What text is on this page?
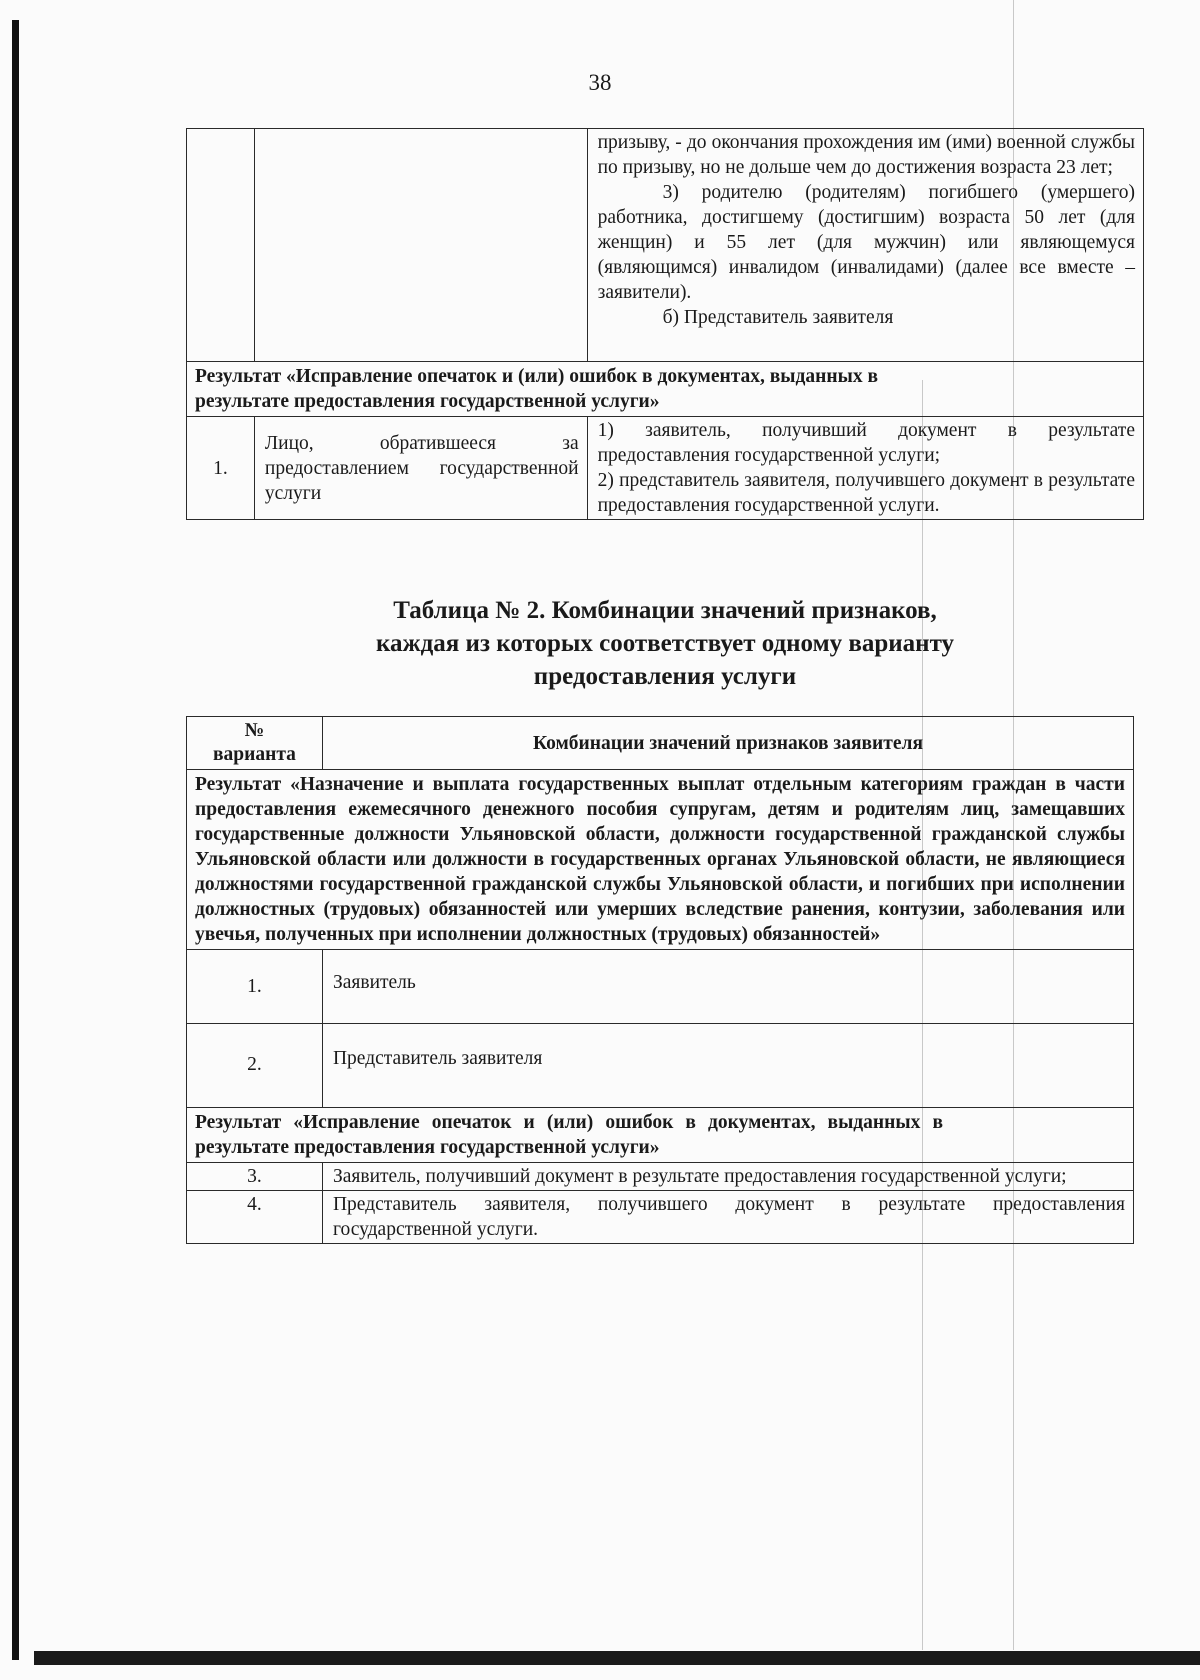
38

		призыву, - до окончания прохождения им (ими) военной службы по призыву, но не дольше чем до достижения возраста 23 лет;
3) родителю (родителям) погибшего (умершего) работника, достигшему (достигшим) возраста 50 лет (для женщин) и 55 лет (для мужчин) или являющемуся (являющимся) инвалидом (инвалидами) (далее все вместе – заявители).
б) Представитель заявителя

Результат «Исправление опечаток и (или) ошибок в документах, выданных в результате предоставления государственной услуги»		
1.	Лицо, обратившееся за предоставлением государственной услуги	1) заявитель, получивший документ в результате предоставления государственной услуги;
2) представитель заявителя, получившего документ в результате предоставления государственной услуги.
Таблица № 2. Комбинации значений признаков,
каждая из которых соответствует одному варианту
предоставления услуги
№ варианта	Комбинации значений признаков заявителя
Результат «Назначение и выплата государственных выплат отдельным категориям граждан в части предоставления ежемесячного денежного пособия супругам, детям и родителям лиц, замещавших государственные должности Ульяновской области, должности государственной гражданской службы Ульяновской области или должности в государственных органах Ульяновской области, не являющиеся должностями государственной гражданской службы Ульяновской области, и погибших при исполнении должностных (трудовых) обязанностей или умерших вследствие ранения, контузии, заболевания или увечья, полученных при исполнении должностных (трудовых) обязанностей»	
1.	Заявитель
2.	Представитель заявителя
Результат «Исправление опечаток и (или) ошибок в документах, выданных в результате предоставления государственной услуги»	
3.	Заявитель, получивший документ в результате предоставления государственной услуги;
4.	Представитель заявителя, получившего документ в результате предоставления государственной услуги.
